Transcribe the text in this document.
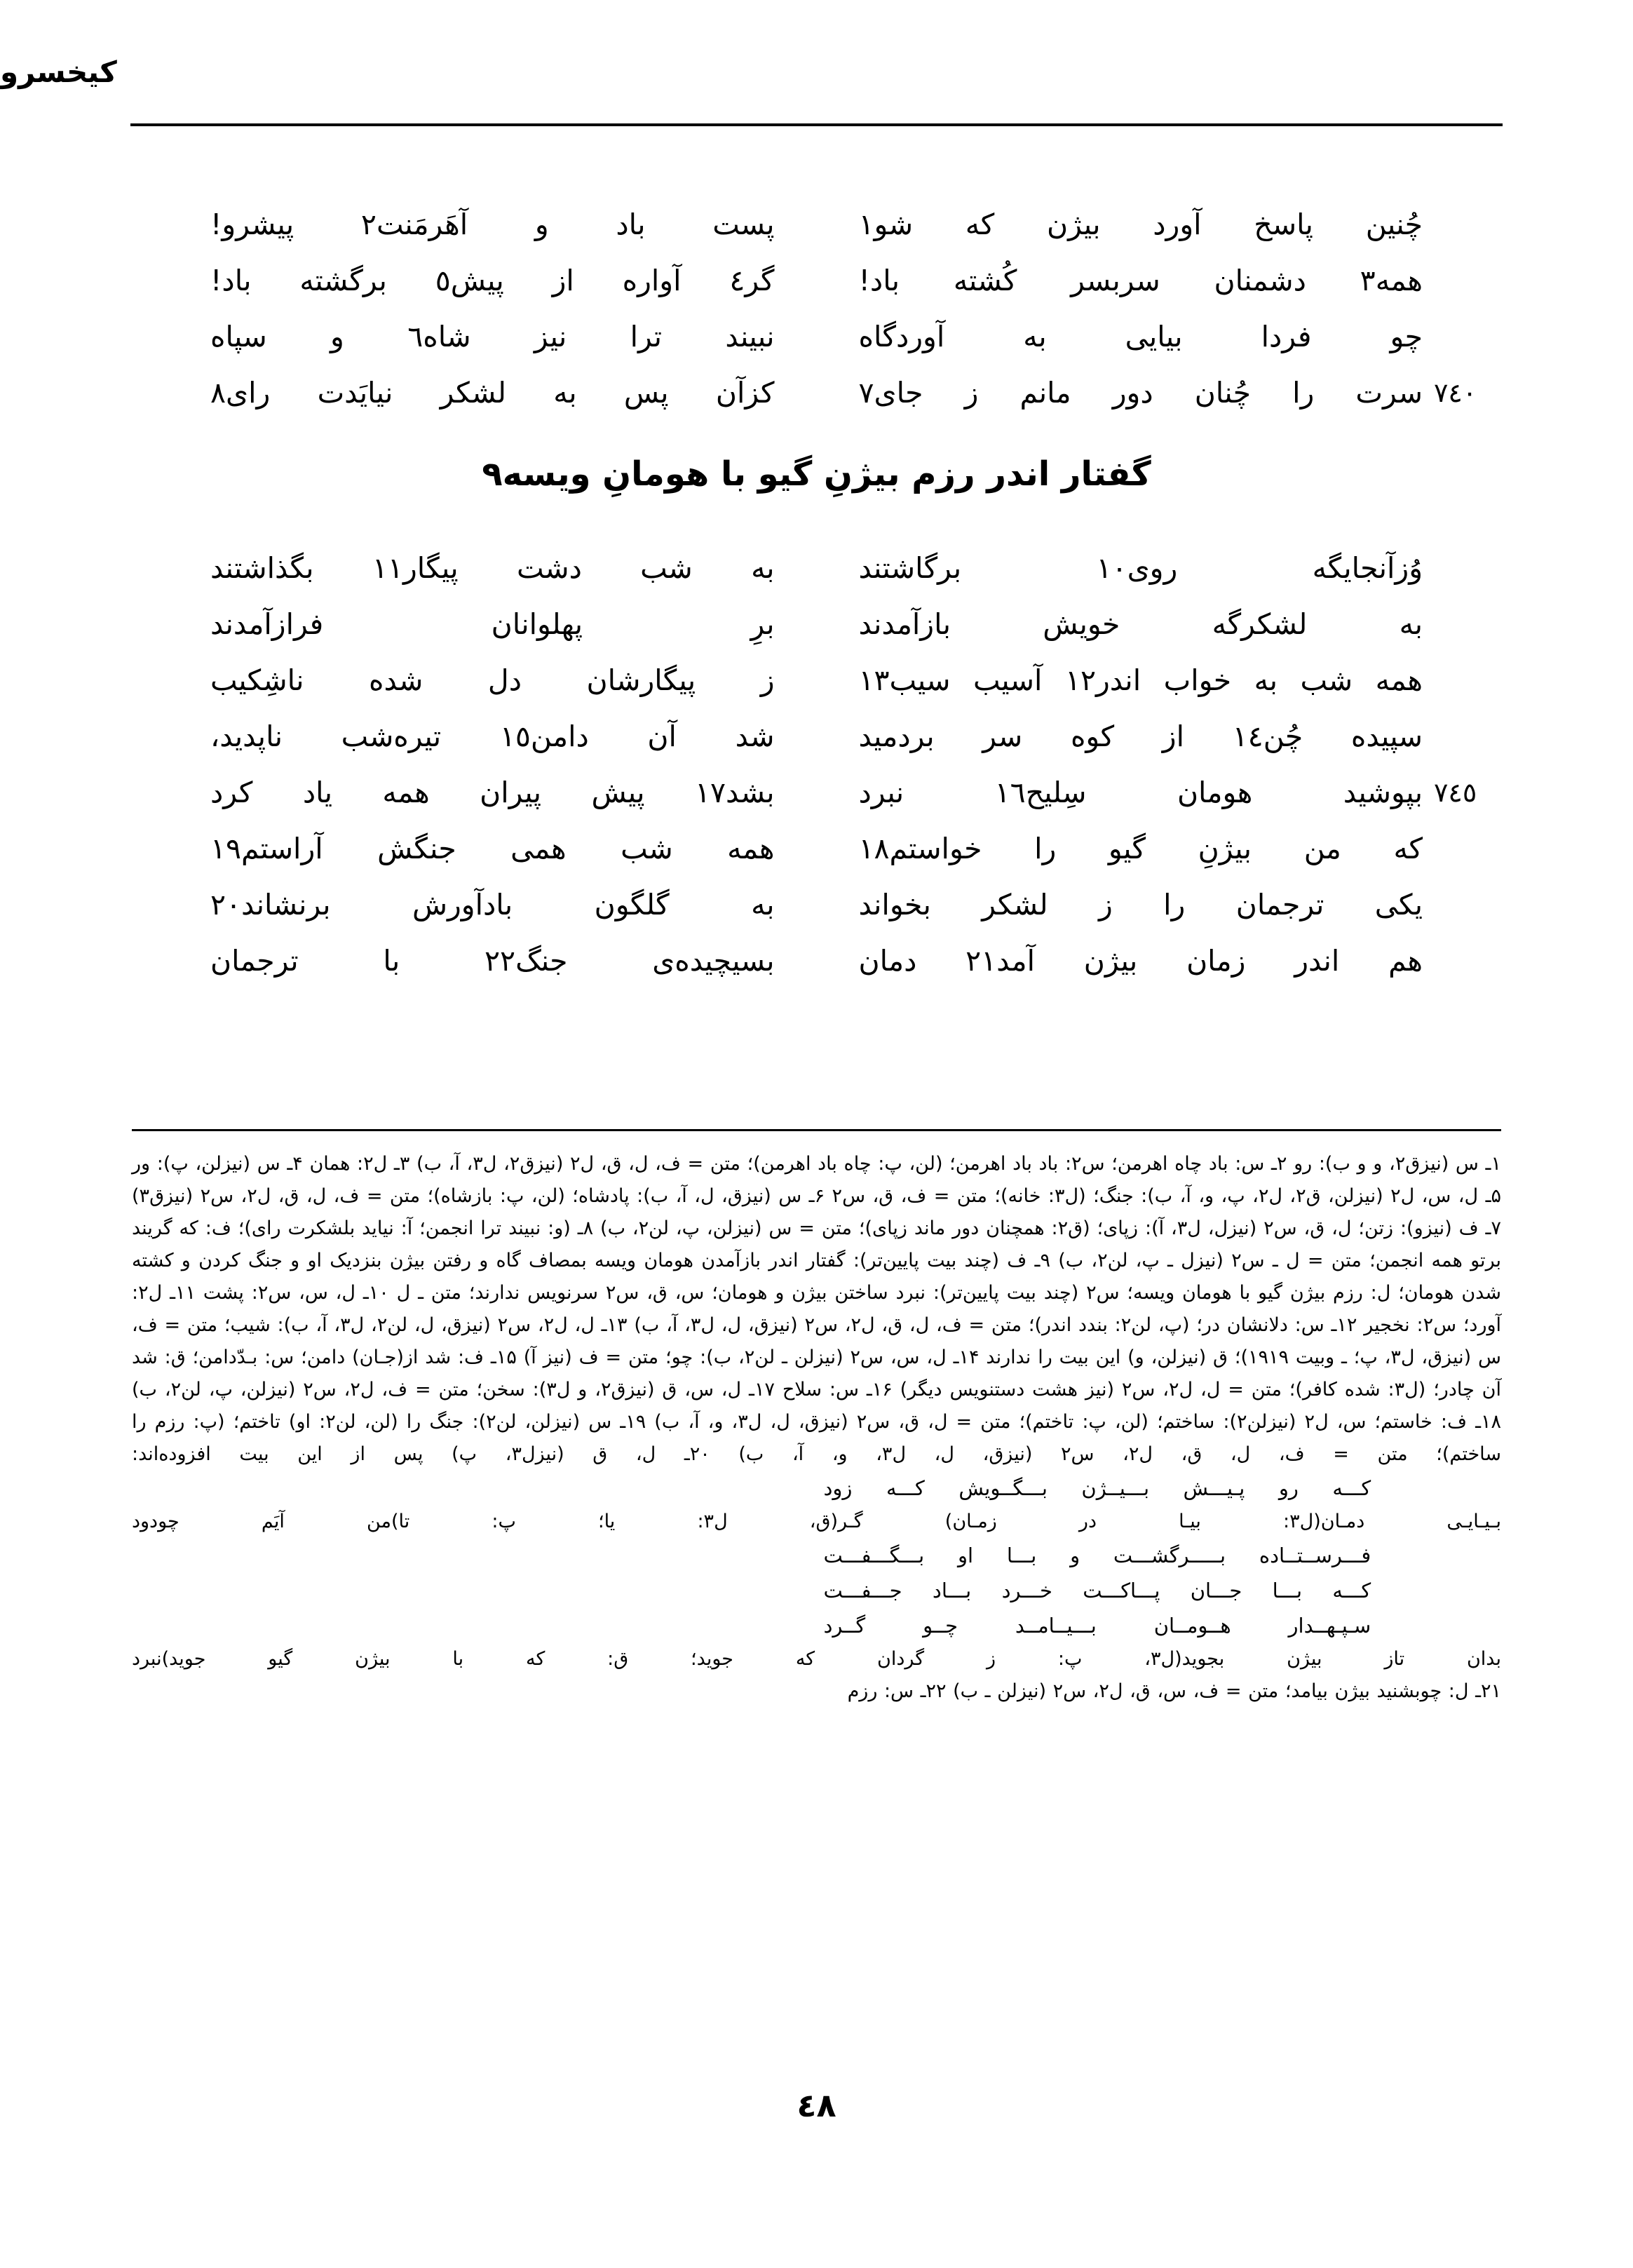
کیخسرو
چُنین پاسخ آورد بیژن که شو١
پست باد و آهَرمَنت٢ پیشرو!
همه٣ دشمنان سربسر کُشته باد!
گر٤ آواره از پیش٥ برگشته باد!
چو فردا بیایی به آوردگاه
نبیند ترا نیز شاه٦ و سپاه
٧٤٠
سرت را چُنان دور مانم ز جای٧
کزآن پس به لشکر نیایَدت رای٨
گفتار اندر رزم بیژنِ گیو با هومانِ ویسه٩
وُزآنجایگه روی١٠ برگاشتند
به شب دشت پیگار١١ بگذاشتند
به لشکرگه خویش بازآمدند
برِ پهلوانان فرازآمدند
همه شب به خواب اندر١٢ آسیب سیب١٣
ز پیگارشان دل شده ناشِکیب
سپیده چُن١٤ از کوه سر بردمید
شد آن دامن١٥ تیره‌شب ناپدید،
٧٤٥
بپوشید هومان سِلیح١٦ نبرد
بشد١٧ پیش پیران همه یاد کرد
که من بیژنِ گیو را خواستم١٨
همه شب همی جنگش آراستم١٩
یکی ترجمان را ز لشکر بخواند
به گلگون بادآورش برنشاند٢٠
هم اندر زمان بیژن آمد٢١ دمان
بسیچیده‌ی جنگ٢٢ با ترجمان
۱ـ س (نیزق٢، و و ب): رو ۲ـ س: باد چاه اهرمن؛ س٢: باد باد اهرمن؛ (لن، پ: چاه باد اهرمن)؛ متن = ف، ل، ق، ل٢ (نیزق٢، ل٣، آ، ب) ۳ـ ل٢: همان ۴ـ س (نیزلن، پ): ور ۵ـ ل، س، ل٢ (نیزلن، ق٢، ل٢، پ، و، آ، ب): جنگ؛ (ل٣: خانه)؛ متن = ف، ق، س٢ ۶ـ س (نیزق، ل، آ، ب): پادشاه؛ (لن، پ: بازشاه)؛ متن = ف، ل، ق، ل٢، س٢ (نیزق٣) ۷ـ ف (نیزو): زتن؛ ل، ق، س٢ (نیزل، ل٣، آ): زپای؛ (ق٢: همچنان دور ماند زپای)؛ متن = س (نیزلن، پ، لن٢، ب) ۸ـ (و: نبیند ترا انجمن؛ آ: نیاید بلشکرت رای)؛ ف: که گریند برتو همه انجمن؛ متن = ل ـ س٢ (نیزل ـ پ، لن٢، ب) ۹ـ ف (چند بیت پایین‌تر): گفتار اندر بازآمدن هومان ویسه بمصاف گاه و رفتن بیژن بنزدیک او و جنگ کردن و کشته شدن هومان؛ ل: رزم بیژن گیو با هومان ویسه؛ س٢ (چند بیت پایین‌تر): نبرد ساختن بیژن و هومان؛ س، ق، س٢ سرنویس ندارند؛ متن ـ ل ۱۰ـ ل، س، س٢: پشت ۱۱ـ ل٢: آورد؛ س٢: نخجیر ۱۲ـ س: دلانشان در؛ (پ، لن٢: بندد اندر)؛ متن = ف، ل، ق، ل٢، س٢ (نیزق، ل، ل٣، آ، ب) ۱۳ـ ل، ل٢، س٢ (نیزق، ل، لن٢، ل٣، آ، ب): شیب؛ متن = ف، س (نیزق، ل٣، پ؛ ـ وبیت ۱۹۱۹)؛ ق (نیزلن، و) این بیت را ندارند ۱۴ـ ل، س، س٢ (نیزلن ـ لن٢، ب): چو؛ متن = ف (نیز آ) ۱۵ـ ف: شد از(جـان) دامن؛ س: بـدّدامن؛ ق: شد آن چادر؛ (ل٣: شده کافر)؛ متن = ل، ل٢، س٢ (نیز هشت دستنویس دیگر) ۱۶ـ س: سلاح ۱۷ـ ل، س، ق (نیزق٢، و ل٣): سخن؛ متن = ف، ل٢، س٢ (نیزلن، پ، لن٢، ب) ۱۸ـ ف: خاستم؛ س، ل٢ (نیزلن٢): ساختم؛ (لن، پ: تاختم)؛ متن = ل، ق، س٢ (نیزق، ل، ل٣، و، آ، ب) ۱۹ـ س (نیزلن، لن٢): جنگ را (لن، لن٢: او) تاختم؛ (پ: رزم را ساختم)؛ متن = ف، ل، ق، ل٢، س٢ (نیزق، ل، ل٣، و، آ، ب) ۲۰ـ ل، ق (نیزل٣، پ) پس از این بیت افزوده‌اند:
کـــه رو پـیـــش بـــیــژن بـــگــویش کـــه زود
بـیـایـی دمـان(ل٣: بیـا در زمـان) گـر(ق، ل٣: یا؛ پ: تا)من آیَم چودود
فـــرســتــاده بـــــرگشـــت و بـــا او بـــگـــفـــت
کـــه بـــا جـــان پـــاکـــت خـــرد بـــاد جـــفـــت
سـپـهــدار هــومــان بـــیــامــد چــو گــرد
بدان تاز بیژن بجوید(ل٣، پ: ز گردان که جوید؛ ق: که با بیژن گیو جوید)نبرد
۲۱ـ ل: چوبشنید بیژن بیامد؛ متن = ف، س، ق، ل٢، س٢ (نیزلن ـ ب) ۲۲ـ س: رزم
٤٨
